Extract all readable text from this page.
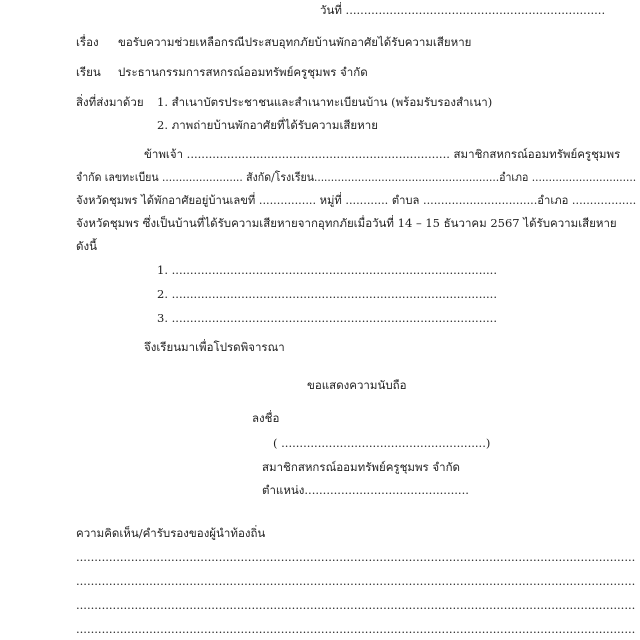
วันที่ .......................................................................
เรื่อง ขอรับความช่วยเหลือกรณีประสบอุทกภัยบ้านพักอาศัยได้รับความเสียหาย
เรียน ประธานกรรมการสหกรณ์ออมทรัพย์ครูชุมพร จำกัด
สิ่งที่ส่งมาด้วย 1. สำเนาบัตรประชาชนและสำเนาทะเบียนบ้าน (พร้อมรับรองสำเนา)
2. ภาพถ่ายบ้านพักอาศัยที่ได้รับความเสียหาย
ข้าพเจ้า ........................................................................ สมาชิกสหกรณ์ออมทรัพย์ครูชุมพร
จำกัด เลขทะเบียน ........................ สังกัด/โรงเรียน.......................................................อำเภอ ...............................
จังหวัดชุมพร ได้พักอาศัยอยู่บ้านเลขที่ ................ หมู่ที่ ............ ตำบล ................................อำเภอ ..................
จังหวัดชุมพร ซึ่งเป็นบ้านที่ได้รับความเสียหายจากอุทกภัยเมื่อวันที่ 14 – 15 ธันวาคม 2567 ได้รับความเสียหาย
ดังนี้
1. .........................................................................................
2. .........................................................................................
3. .........................................................................................
จึงเรียนมาเพื่อโปรดพิจารณา
ขอแสดงความนับถือ
ลงชื่อ
( ........................................................)
สมาชิกสหกรณ์ออมทรัพย์ครูชุมพร จำกัด
ตำแหน่ง.............................................
ความคิดเห็น/คำรับรองของผู้นำท้องถิ่น
.........................................................................................................................................................
.........................................................................................................................................................
.........................................................................................................................................................
.........................................................................................................................................................
